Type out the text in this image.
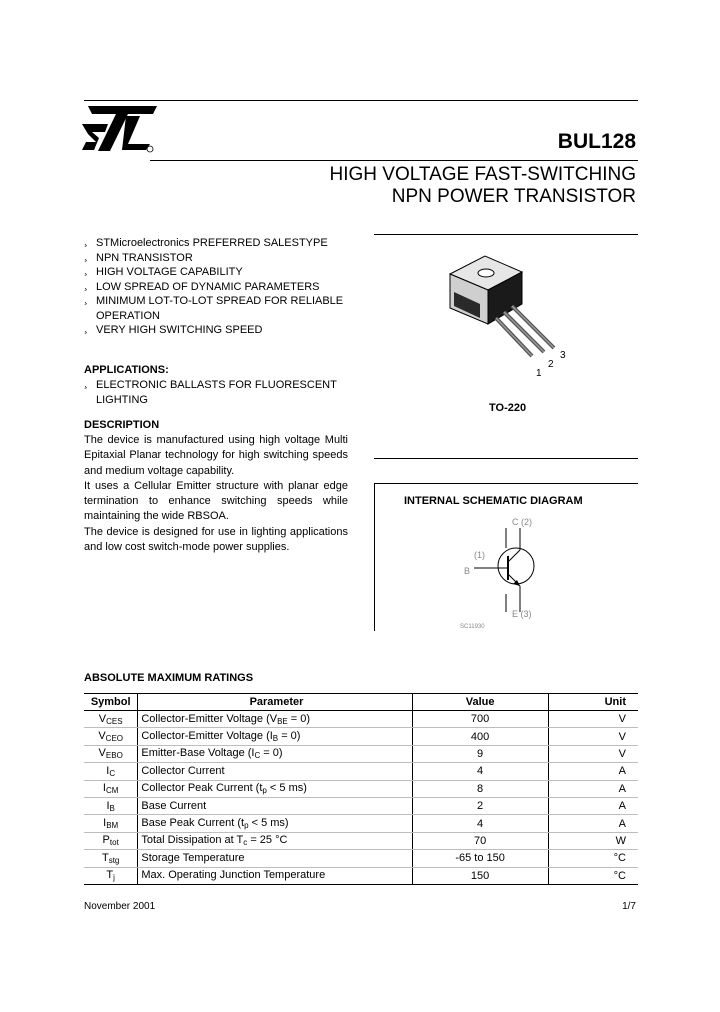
BUL128
HIGH VOLTAGE FAST-SWITCHING
NPN POWER TRANSISTOR
¸ STMicroelectronics PREFERRED SALESTYPE
¸ NPN TRANSISTOR
¸ HIGH VOLTAGE CAPABILITY
¸ LOW SPREAD OF DYNAMIC PARAMETERS
¸ MINIMUM LOT-TO-LOT SPREAD FOR RELIABLE OPERATION
¸ VERY HIGH SWITCHING SPEED
APPLICATIONS:
¸ ELECTRONIC BALLASTS FOR FLUORESCENT LIGHTING
DESCRIPTION

The device is manufactured using high voltage Multi Epitaxial Planar technology for high switching speeds and medium voltage capability.

It uses a Cellular Emitter structure with planar edge termination to enhance switching speeds while maintaining the wide RBSOA.

The device is designed for use in lighting applications and low cost switch-mode power supplies.

1
2
3
TO-220
INTERNAL SCHEMATIC DIAGRAM
C (2)
B
(1)
E (3)
SC11930
ABSOLUTE MAXIMUM RATINGS
Symbol	Parameter	Value	Unit
$V_{CES}$	Collector-Emitter Voltage $(V_{BE} = 0)$	700	V
$V_{CEO}$	Collector-Emitter Voltage $(I_B = 0)$	400	V
$V_{EBO}$	Emitter-Base Voltage $(I_C = 0)$	9	V
$I_C$	Collector Current	4	A
$I_{CM}$	Collector Peak Current ($t_p < 5$ ms)	8	A
$I_B$	Base Current	2	A
$I_{BM}$	Base Peak Current ($t_p < 5$ ms)	4	A
$P_{tot}$	Total Dissipation at $T_c = 25$ °C	70	W
$T_{stg}$	Storage Temperature	-65 to 150	°C
$T_j$	Max. Operating Junction Temperature	150	°C
November 2001	1/7
